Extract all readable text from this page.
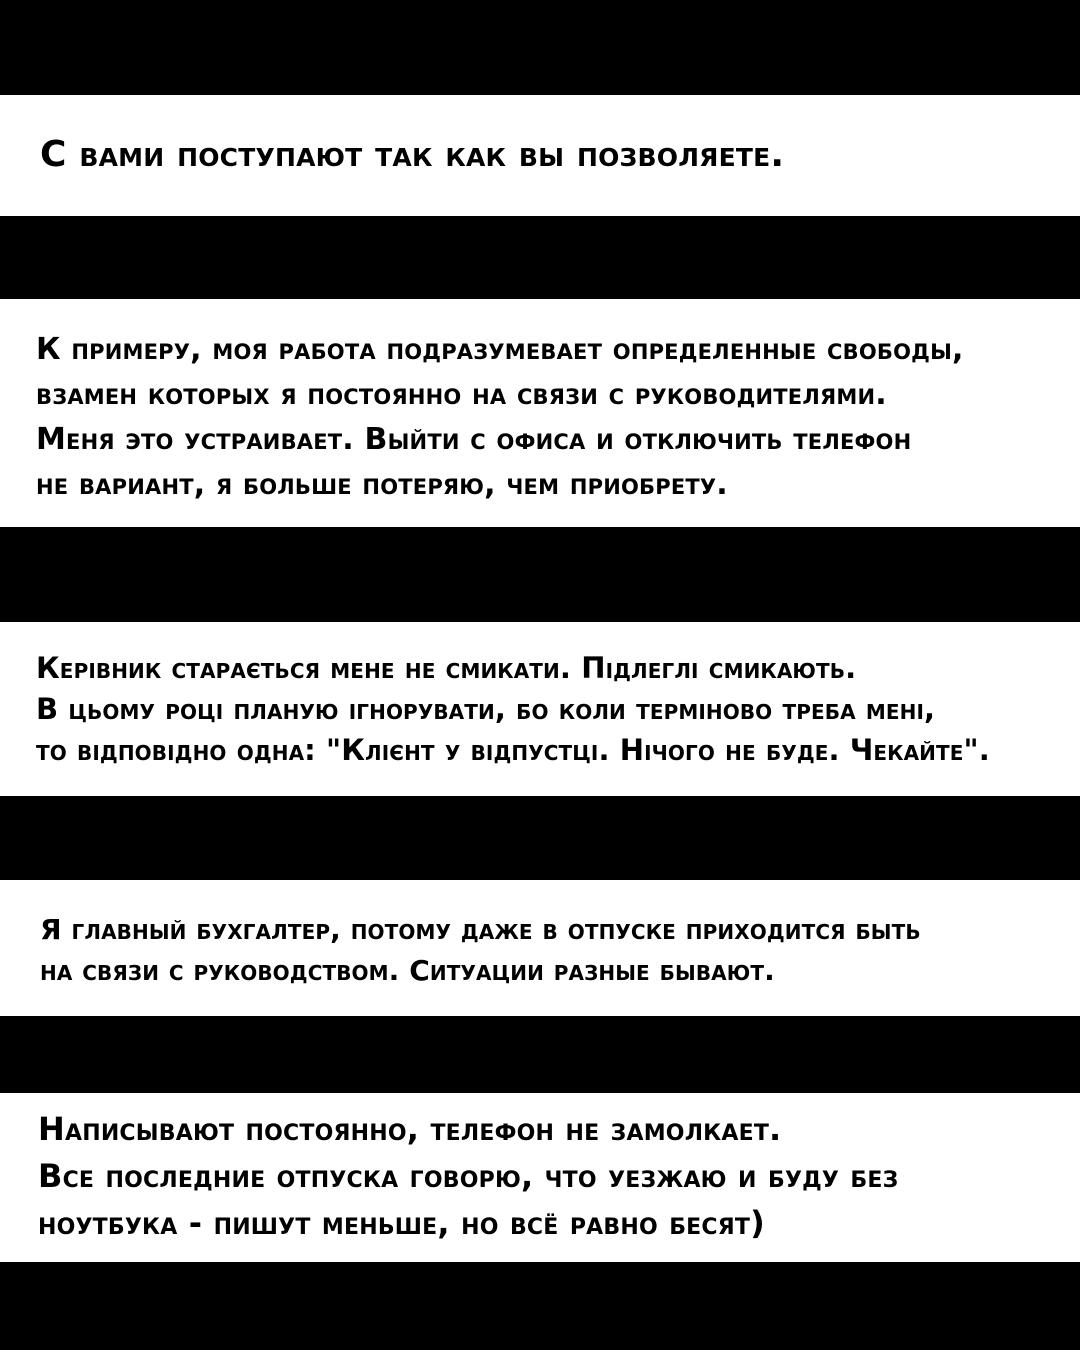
С вами поступают так как вы позволяете.
К примеру, моя работа подразумевает определенные свободы,
взамен которых я постоянно на связи с руководителями.
Меня это устраивает. Выйти с офиса и отключить телефон
не вариант, я больше потеряю, чем приобрету.
Керівник старається мене не смикати. Підлеглі смикають.
В цьому році планую ігнорувати, бо коли терміново треба мені,
то відповідно одна: "Клієнт у відпустці. Нічого не буде. Чекайте".
Я главный бухгалтер, потому даже в отпуске приходится быть
на связи с руководством. Ситуации разные бывают.
Написывают постоянно, телефон не замолкает.
Все последние отпуска говорю, что уезжаю и буду без
ноутбука - пишут меньше, но всё равно бесят)
